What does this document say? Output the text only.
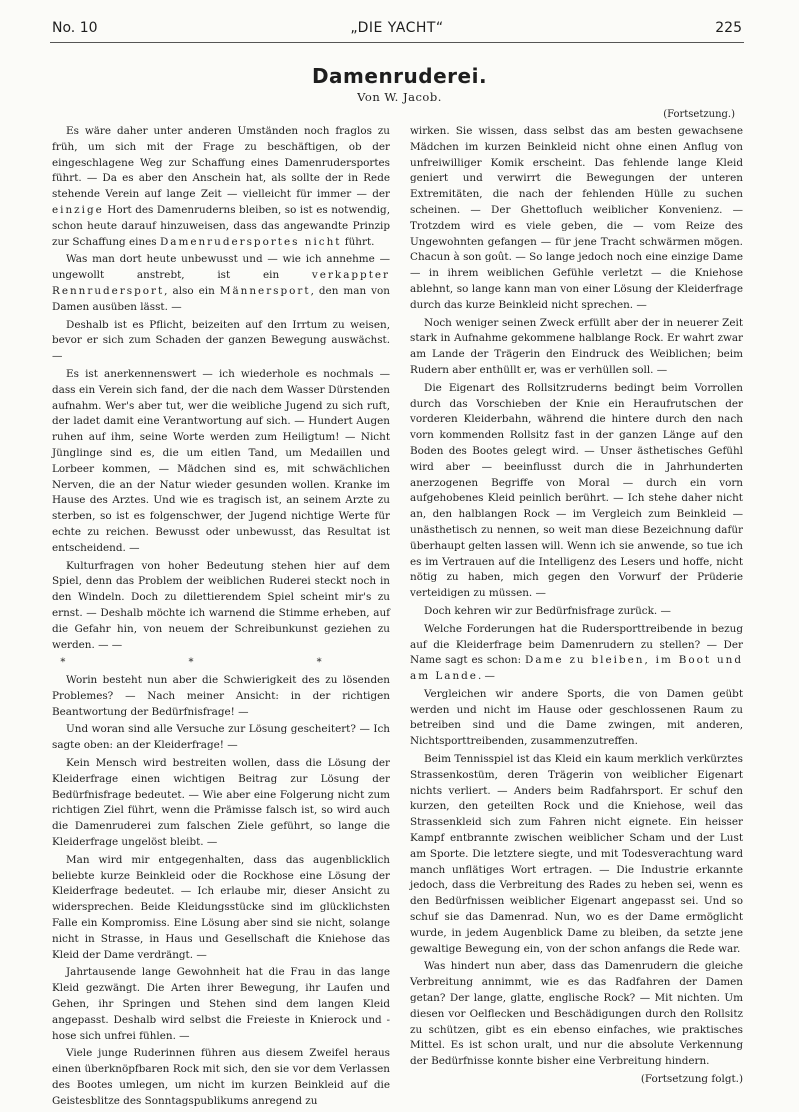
No. 10	„DIE YACHT“	225
Damenruderei.
Von W. Jacob.
(Fortsetzung.)

Es wäre daher unter anderen Umständen noch fraglos zu früh, um sich mit der Frage zu beschäftigen, ob der eingeschlagene Weg zur Schaffung eines Damenrudersportes führt. — Da es aber den Anschein hat, als sollte der in Rede stehende Verein auf lange Zeit — vielleicht für immer — der einzige Hort des Damenruderns bleiben, so ist es notwendig, schon heute darauf hinzuweisen, dass das angewandte Prinzip zur Schaffung eines Damenrudersportes nicht führt.

Was man dort heute unbewusst und — wie ich annehme — ungewollt anstrebt, ist ein verkappter Rennrudersport, also ein Männersport, den man von Damen ausüben lässt. —

Deshalb ist es Pflicht, beizeiten auf den Irrtum zu weisen, bevor er sich zum Schaden der ganzen Bewegung auswächst. —

Es ist anerkennenswert — ich wiederhole es nochmals — dass ein Verein sich fand, der die nach dem Wasser Dürstenden aufnahm. Wer's aber tut, wer die weibliche Jugend zu sich ruft, der ladet damit eine Verantwortung auf sich. — Hundert Augen ruhen auf ihm, seine Worte werden zum Heiligtum! — Nicht Jünglinge sind es, die um eitlen Tand, um Medaillen und Lorbeer kommen, — Mädchen sind es, mit schwächlichen Nerven, die an der Natur wieder gesunden wollen. Kranke im Hause des Arztes. Und wie es tragisch ist, an seinem Arzte zu sterben, so ist es folgenschwer, der Jugend nichtige Werte für echte zu reichen. Bewusst oder unbewusst, das Resultat ist entscheidend. —

Kulturfragen von hoher Bedeutung stehen hier auf dem Spiel, denn das Problem der weiblichen Ruderei steckt noch in den Windeln. Doch zu dilettierendem Spiel scheint mir's zu ernst. — Deshalb möchte ich warnend die Stimme erheben, auf die Gefahr hin, von neuem der Schreibunkunst geziehen zu werden. — —

* * *

Worin besteht nun aber die Schwierigkeit des zu lösenden Problemes? — Nach meiner Ansicht: in der richtigen Beantwortung der Bedürfnisfrage! —

Und woran sind alle Versuche zur Lösung gescheitert? — Ich sagte oben: an der Kleiderfrage! —

Kein Mensch wird bestreiten wollen, dass die Lösung der Kleiderfrage einen wichtigen Beitrag zur Lösung der Bedürfnisfrage bedeutet. — Wie aber eine Folgerung nicht zum richtigen Ziel führt, wenn die Prämisse falsch ist, so wird auch die Damenruderei zum falschen Ziele geführt, so lange die Kleiderfrage ungelöst bleibt. —

Man wird mir entgegenhalten, dass das augenblicklich beliebte kurze Beinkleid oder die Rockhose eine Lösung der Kleiderfrage bedeutet. — Ich erlaube mir, dieser Ansicht zu widersprechen. Beide Kleidungsstücke sind im glücklichsten Falle ein Kompromiss. Eine Lösung aber sind sie nicht, solange nicht in Strasse, in Haus und Gesellschaft die Kniehose das Kleid der Dame verdrängt. —

Jahrtausende lange Gewohnheit hat die Frau in das lange Kleid gezwängt. Die Arten ihrer Bewegung, ihr Laufen und Gehen, ihr Springen und Stehen sind dem langen Kleid angepasst. Deshalb wird selbst die Freieste in Knierock und -hose sich unfrei fühlen. —

Viele junge Ruderinnen führen aus diesem Zweifel heraus einen überknöpfbaren Rock mit sich, den sie vor dem Verlassen des Bootes umlegen, um nicht im kurzen Beinkleid auf die Geistesblitze des Sonntagspublikums anregend zu

wirken. Sie wissen, dass selbst das am besten gewachsene Mädchen im kurzen Beinkleid nicht ohne einen Anflug von unfreiwilliger Komik erscheint. Das fehlende lange Kleid geniert und verwirrt die Bewegungen der unteren Extremitäten, die nach der fehlenden Hülle zu suchen scheinen. — Der Ghettofluch weiblicher Konvenienz. — Trotzdem wird es viele geben, die — vom Reize des Ungewohnten gefangen — für jene Tracht schwärmen mögen. Chacun à son goût. — So lange jedoch noch eine einzige Dame — in ihrem weiblichen Gefühle verletzt — die Kniehose ablehnt, so lange kann man von einer Lösung der Kleiderfrage durch das kurze Beinkleid nicht sprechen. —

Noch weniger seinen Zweck erfüllt aber der in neuerer Zeit stark in Aufnahme gekommene halblange Rock. Er wahrt zwar am Lande der Trägerin den Eindruck des Weiblichen; beim Rudern aber enthüllt er, was er verhüllen soll. —

Die Eigenart des Rollsitzruderns bedingt beim Vorrollen durch das Vorschieben der Knie ein Heraufrutschen der vorderen Kleiderbahn, während die hintere durch den nach vorn kommenden Rollsitz fast in der ganzen Länge auf den Boden des Bootes gelegt wird. — Unser ästhetisches Gefühl wird aber — beeinflusst durch die in Jahrhunderten anerzogenen Begriffe von Moral — durch ein vorn aufgehobenes Kleid peinlich berührt. — Ich stehe daher nicht an, den halblangen Rock — im Vergleich zum Beinkleid — unästhetisch zu nennen, so weit man diese Bezeichnung dafür überhaupt gelten lassen will. Wenn ich sie anwende, so tue ich es im Vertrauen auf die Intelligenz des Lesers und hoffe, nicht nötig zu haben, mich gegen den Vorwurf der Prüderie verteidigen zu müssen. —

Doch kehren wir zur Bedürfnisfrage zurück. —

Welche Forderungen hat die Rudersporttreibende in bezug auf die Kleiderfrage beim Damenrudern zu stellen? — Der Name sagt es schon: Dame zu bleiben, im Boot und am Lande. —

Vergleichen wir andere Sports, die von Damen geübt werden und nicht im Hause oder geschlossenen Raum zu betreiben sind und die Dame zwingen, mit anderen, Nichtsporttreibenden, zusammenzutreffen.

Beim Tennisspiel ist das Kleid ein kaum merklich verkürztes Strassenkostüm, deren Trägerin von weiblicher Eigenart nichts verliert. — Anders beim Radfahrsport. Er schuf den kurzen, den geteilten Rock und die Kniehose, weil das Strassenkleid sich zum Fahren nicht eignete. Ein heisser Kampf entbrannte zwischen weiblicher Scham und der Lust am Sporte. Die letztere siegte, und mit Todesverachtung ward manch unflätiges Wort ertragen. — Die Industrie erkannte jedoch, dass die Verbreitung des Rades zu heben sei, wenn es den Bedürfnissen weiblicher Eigenart angepasst sei. Und so schuf sie das Damenrad. Nun, wo es der Dame ermöglicht wurde, in jedem Augenblick Dame zu bleiben, da setzte jene gewaltige Bewegung ein, von der schon anfangs die Rede war.

Was hindert nun aber, dass das Damenrudern die gleiche Verbreitung annimmt, wie es das Radfahren der Damen getan? Der lange, glatte, englische Rock? — Mit nichten. Um diesen vor Oelflecken und Beschädigungen durch den Rollsitz zu schützen, gibt es ein ebenso einfaches, wie praktisches Mittel. Es ist schon uralt, und nur die absolute Verkennung der Bedürfnisse konnte bisher eine Verbreitung hindern.

(Fortsetzung folgt.)
